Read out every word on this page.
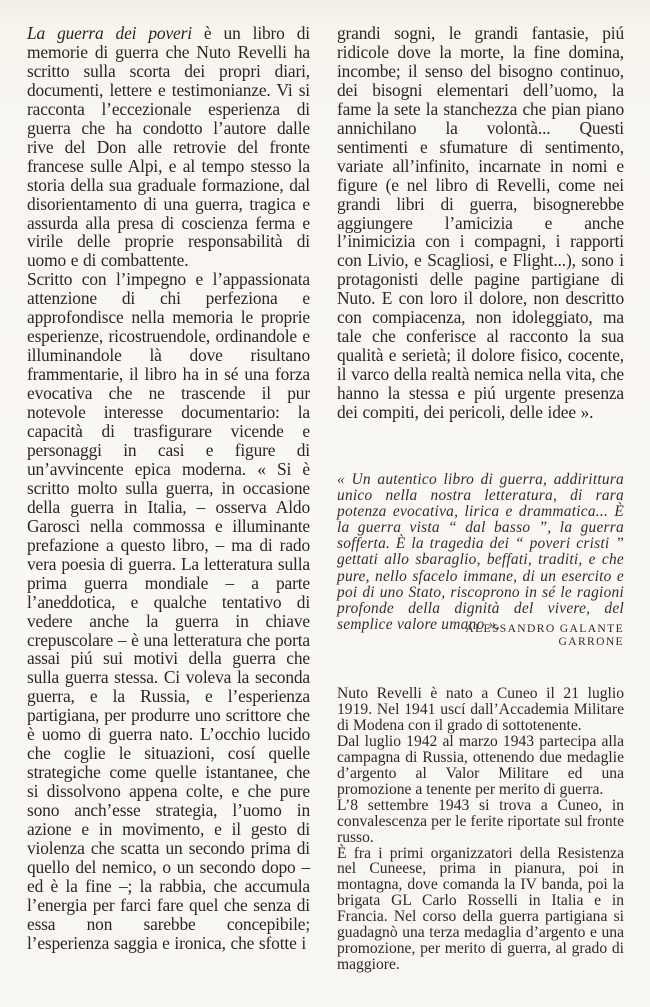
La guerra dei poveri è un libro di memorie di guerra che Nuto Revelli ha scritto sulla scorta dei propri diari, documenti, lettere e testimonianze. Vi si racconta l’eccezionale esperienza di guerra che ha condotto l’autore dalle rive del Don alle retrovie del fronte francese sulle Alpi, e al tempo stesso la storia della sua graduale formazione, dal disorientamento di una guerra, tragica e assurda alla presa di coscienza ferma e virile delle proprie responsabilità di uomo e di combattente.

Scritto con l’impegno e l’appassionata attenzione di chi perfeziona e approfondisce nella memoria le proprie esperienze, ricostruendole, ordinandole e illuminandole là dove risultano frammentarie, il libro ha in sé una forza evocativa che ne trascende il pur notevole interesse documentario: la capacità di trasfigurare vicende e personaggi in casi e figure di un’avvincente epica moderna. « Si è scritto molto sulla guerra, in occasione della guerra in Italia, – osserva Aldo Garosci nella commossa e illuminante prefazione a questo libro, – ma di rado vera poesia di guerra. La letteratura sulla prima guerra mondiale – a parte l’aneddotica, e qualche tentativo di vedere anche la guerra in chiave crepuscolare – è una letteratura che porta assai piú sui motivi della guerra che sulla guerra stessa. Ci voleva la seconda guerra, e la Russia, e l’esperienza partigiana, per produrre uno scrittore che è uomo di guerra nato. L’occhio lucido che coglie le situazioni, cosí quelle strategiche come quelle istantanee, che si dissolvono appena colte, e che pure sono anch’esse strategia, l’uomo in azione e in movimento, e il gesto di violenza che scatta un secondo prima di quello del nemico, o un secondo dopo – ed è la fine –; la rabbia, che accumula l’energia per farci fare quel che senza di essa non sarebbe concepibile; l’esperienza saggia e ironica, che sfotte i

grandi sogni, le grandi fantasie, piú ridicole dove la morte, la fine domina, incombe; il senso del bisogno continuo, dei bisogni elementari dell’uomo, la fame la sete la stanchezza che pian piano annichilano la volontà... Questi sentimenti e sfumature di sentimento, variate all’infinito, incarnate in nomi e figure (e nel libro di Revelli, come nei grandi libri di guerra, bisognerebbe aggiungere l’amicizia e anche l’inimicizia con i compagni, i rapporti con Livio, e Scagliosi, e Flight...), sono i protagonisti delle pagine partigiane di Nuto. E con loro il dolore, non descritto con compiacenza, non idoleggiato, ma tale che conferisce al racconto la sua qualità e serietà; il dolore fisico, cocente, il varco della realtà nemica nella vita, che hanno la stessa e piú urgente presenza dei compiti, dei pericoli, delle idee ».

« Un autentico libro di guerra, addirittura unico nella nostra letteratura, di rara potenza evocativa, lirica e drammatica... È la guerra vista “ dal basso ”, la guerra sofferta. È la tragedia dei “ poveri cristi ” gettati allo sbaraglio, beffati, traditi, e che pure, nello sfacelo immane, di un esercito e poi di uno Stato, riscoprono in sé le ragioni profonde della dignità del vivere, del semplice valore umano ».

ALESSANDRO GALANTE GARRONE

Nuto Revelli è nato a Cuneo il 21 luglio 1919. Nel 1941 uscí dall’Accademia Militare di Modena con il grado di sottotenente.

Dal luglio 1942 al marzo 1943 partecipa alla campagna di Russia, ottenendo due medaglie d’argento al Valor Militare ed una promozione a tenente per merito di guerra.

L’8 settembre 1943 si trova a Cuneo, in convalescenza per le ferite riportate sul fronte russo.

È fra i primi organizzatori della Resistenza nel Cuneese, prima in pianura, poi in montagna, dove comanda la IV banda, poi la brigata GL Carlo Rosselli in Italia e in Francia. Nel corso della guerra partigiana si guadagnò una terza medaglia d’argento e una promozione, per merito di guerra, al grado di maggiore.
